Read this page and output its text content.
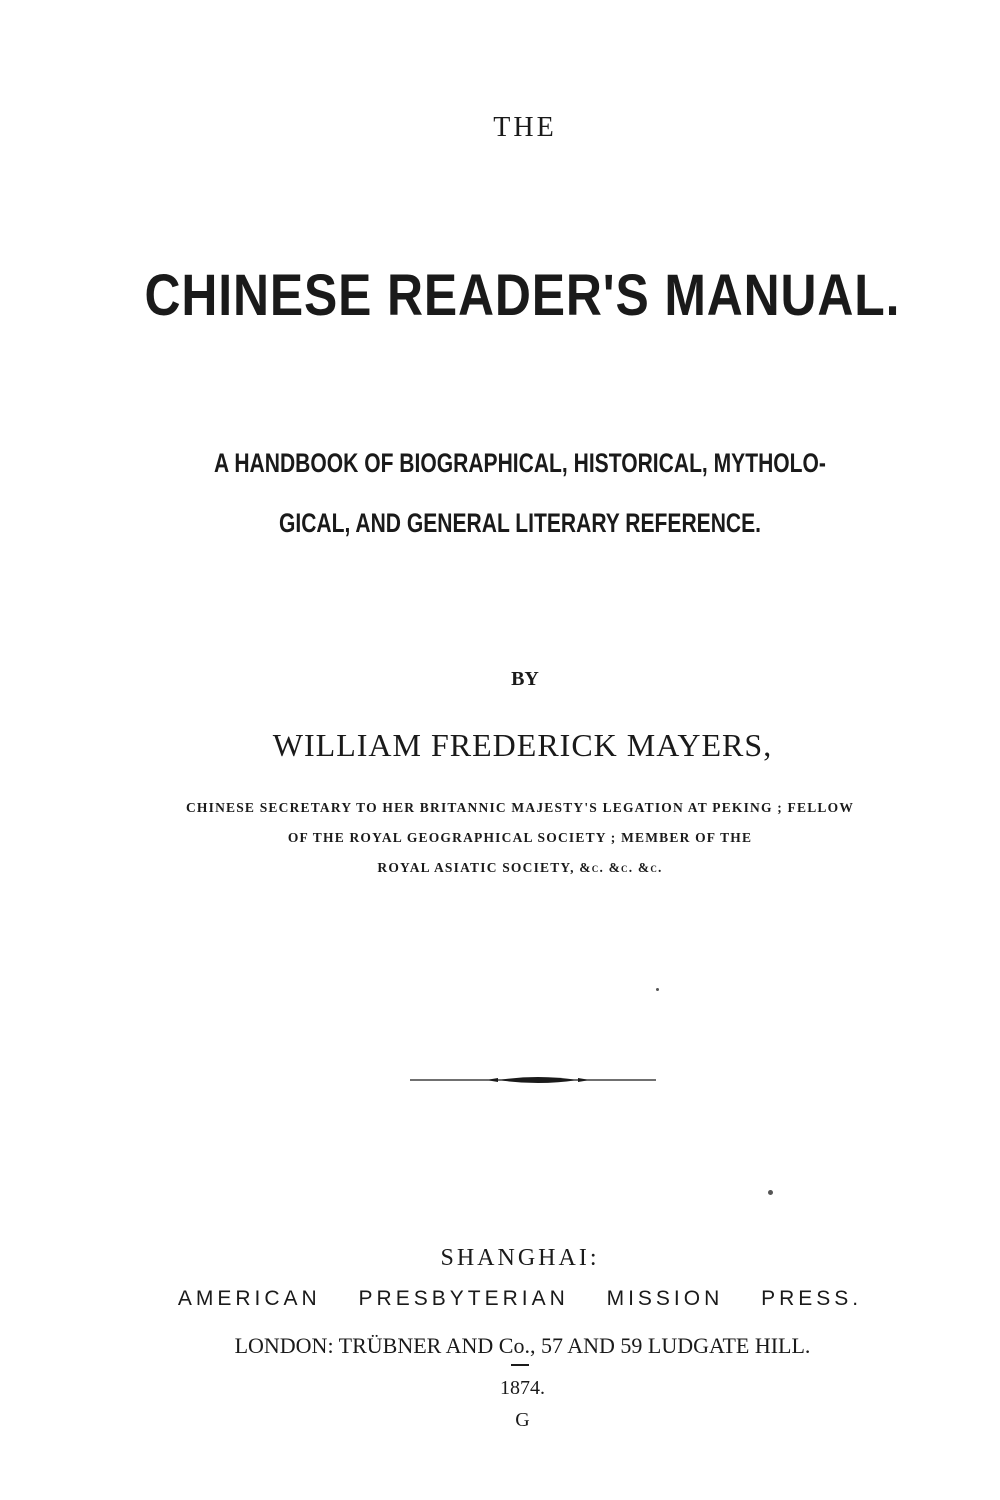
THE
CHINESE READER'S MANUAL.
A HANDBOOK OF BIOGRAPHICAL, HISTORICAL, MYTHOLO-
GICAL, AND GENERAL LITERARY REFERENCE.
BY
WILLIAM FREDERICK MAYERS,
CHINESE SECRETARY TO HER BRITANNIC MAJESTY'S LEGATION AT PEKING ; FELLOW
OF THE ROYAL GEOGRAPHICAL SOCIETY ; MEMBER OF THE
ROYAL ASIATIC SOCIETY, &c. &c. &c.
SHANGHAI:
AMERICAN PRESBYTERIAN MISSION PRESS.
LONDON: TRÜBNER AND Co., 57 AND 59 LUDGATE HILL.
1874.
G
